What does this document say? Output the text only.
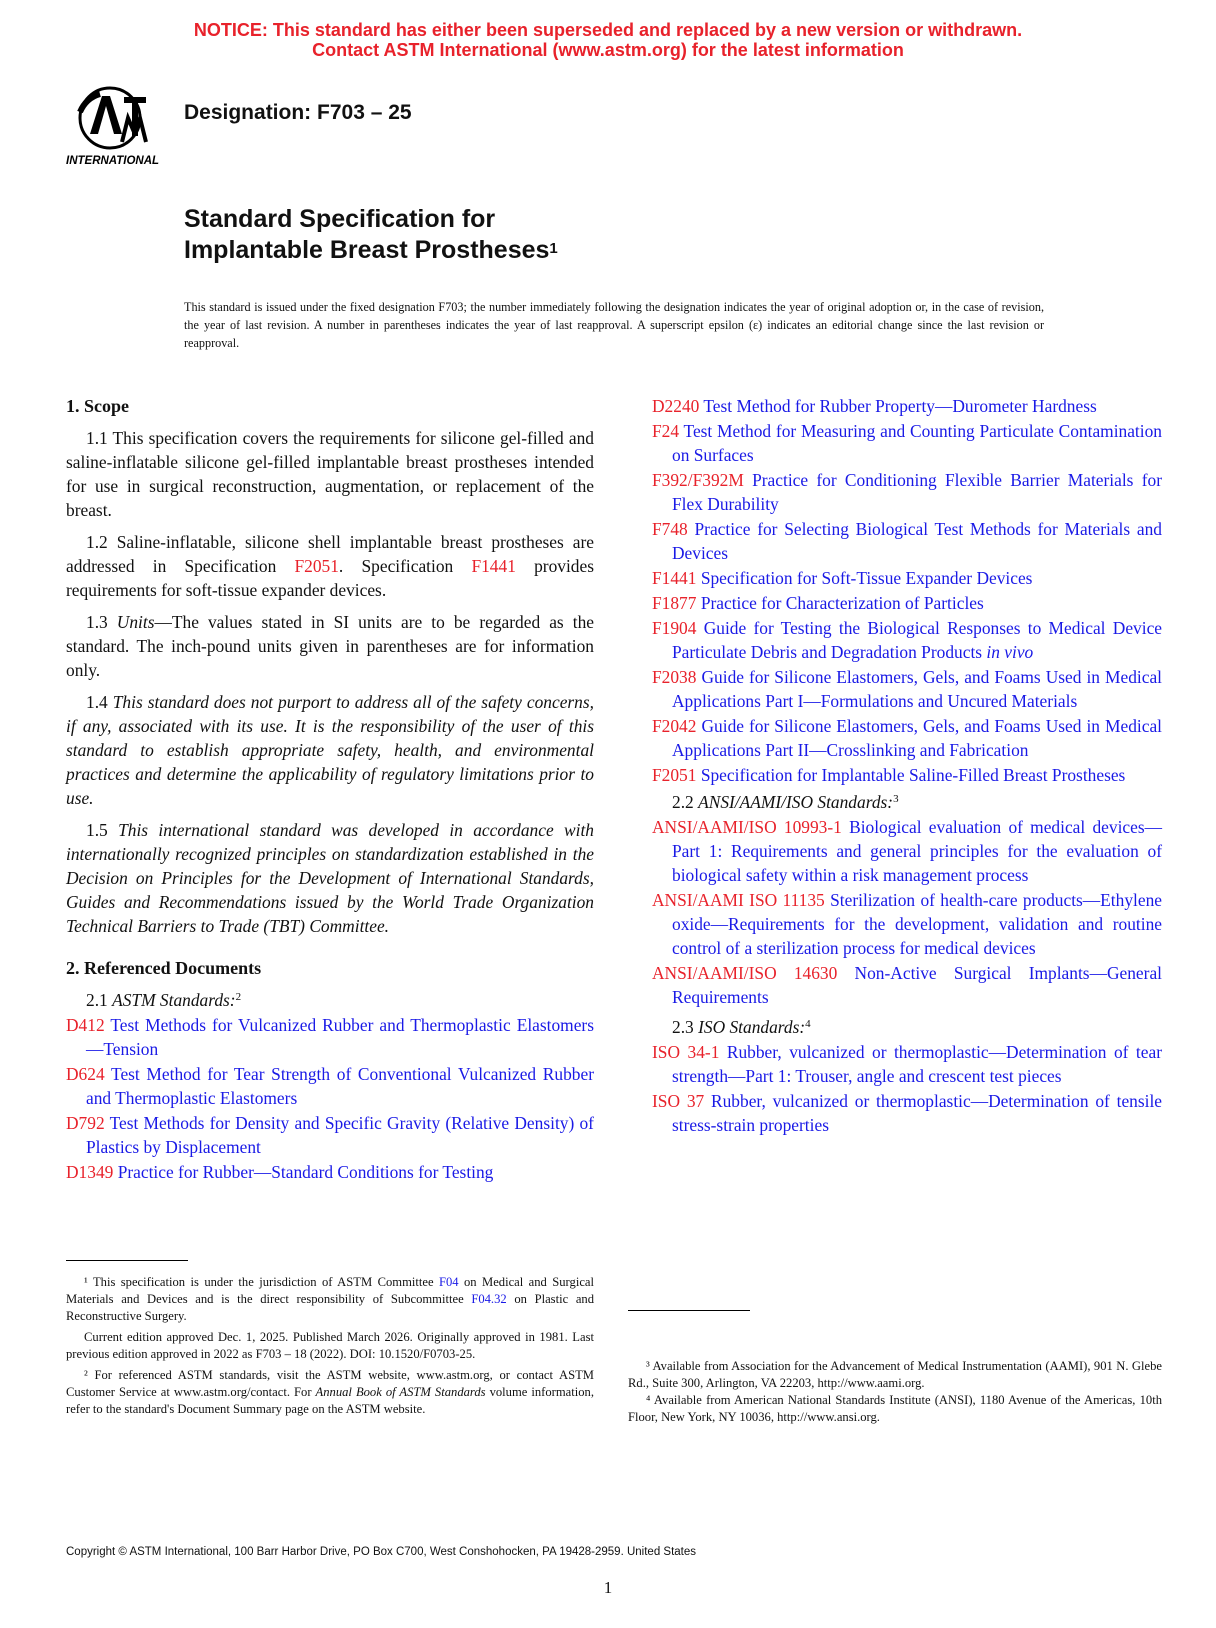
NOTICE: This standard has either been superseded and replaced by a new version or withdrawn.
Contact ASTM International (www.astm.org) for the latest information
INTERNATIONAL
Designation: F703 – 25
Standard Specification for
Implantable Breast Prostheses$^1$
This standard is issued under the fixed designation F703; the number immediately following the designation indicates the year of original adoption or, in the case of revision, the year of last revision. A number in parentheses indicates the year of last reapproval. A superscript epsilon (ε) indicates an editorial change since the last revision or reapproval.
1. Scope

1.1 This specification covers the requirements for silicone gel-filled and saline-inflatable silicone gel-filled implantable breast prostheses intended for use in surgical reconstruction, augmentation, or replacement of the breast.

1.2 Saline-inflatable, silicone shell implantable breast prostheses are addressed in Specification F2051. Specification F1441 provides requirements for soft-tissue expander devices.

1.3 Units—The values stated in SI units are to be regarded as the standard. The inch-pound units given in parentheses are for information only.

1.4 This standard does not purport to address all of the safety concerns, if any, associated with its use. It is the responsibility of the user of this standard to establish appropriate safety, health, and environmental practices and determine the applicability of regulatory limitations prior to use.

1.5 This international standard was developed in accordance with internationally recognized principles on standardization established in the Decision on Principles for the Development of International Standards, Guides and Recommendations issued by the World Trade Organization Technical Barriers to Trade (TBT) Committee.

2. Referenced Documents
2.1 ASTM Standards:$^2$
D412 Test Methods for Vulcanized Rubber and Thermoplastic Elastomers—Tension
D624 Test Method for Tear Strength of Conventional Vulcanized Rubber and Thermoplastic Elastomers
D792 Test Methods for Density and Specific Gravity (Relative Density) of Plastics by Displacement
D1349 Practice for Rubber—Standard Conditions for Testing
D2240 Test Method for Rubber Property—Durometer Hardness
F24 Test Method for Measuring and Counting Particulate Contamination on Surfaces
F392/F392M Practice for Conditioning Flexible Barrier Materials for Flex Durability
F748 Practice for Selecting Biological Test Methods for Materials and Devices
F1441 Specification for Soft-Tissue Expander Devices
F1877 Practice for Characterization of Particles
F1904 Guide for Testing the Biological Responses to Medical Device Particulate Debris and Degradation Products in vivo
F2038 Guide for Silicone Elastomers, Gels, and Foams Used in Medical Applications Part I—Formulations and Uncured Materials
F2042 Guide for Silicone Elastomers, Gels, and Foams Used in Medical Applications Part II—Crosslinking and Fabrication
F2051 Specification for Implantable Saline-Filled Breast Prostheses
2.2 ANSI/AAMI/ISO Standards:$^3$
ANSI/AAMI/ISO 10993-1 Biological evaluation of medical devices—Part 1: Requirements and general principles for the evaluation of biological safety within a risk management process
ANSI/AAMI ISO 11135 Sterilization of health-care products—Ethylene oxide—Requirements for the development, validation and routine control of a sterilization process for medical devices
ANSI/AAMI/ISO 14630 Non-Active Surgical Implants—General Requirements
2.3 ISO Standards:$^4$
ISO 34-1 Rubber, vulcanized or thermoplastic—Determination of tear strength—Part 1: Trouser, angle and crescent test pieces
ISO 37 Rubber, vulcanized or thermoplastic—Determination of tensile stress-strain properties

¹ This specification is under the jurisdiction of ASTM Committee F04 on Medical and Surgical Materials and Devices and is the direct responsibility of Subcommittee F04.32 on Plastic and Reconstructive Surgery.

Current edition approved Dec. 1, 2025. Published March 2026. Originally approved in 1981. Last previous edition approved in 2022 as F703 – 18 (2022). DOI: 10.1520/F0703-25.

² For referenced ASTM standards, visit the ASTM website, www.astm.org, or contact ASTM Customer Service at www.astm.org/contact. For Annual Book of ASTM Standards volume information, refer to the standard's Document Summary page on the ASTM website.

³ Available from Association for the Advancement of Medical Instrumentation (AAMI), 901 N. Glebe Rd., Suite 300, Arlington, VA 22203, http://www.aami.org.

⁴ Available from American National Standards Institute (ANSI), 1180 Avenue of the Americas, 10th Floor, New York, NY 10036, http://www.ansi.org.

Copyright © ASTM International, 100 Barr Harbor Drive, PO Box C700, West Conshohocken, PA 19428-2959. United States
1
